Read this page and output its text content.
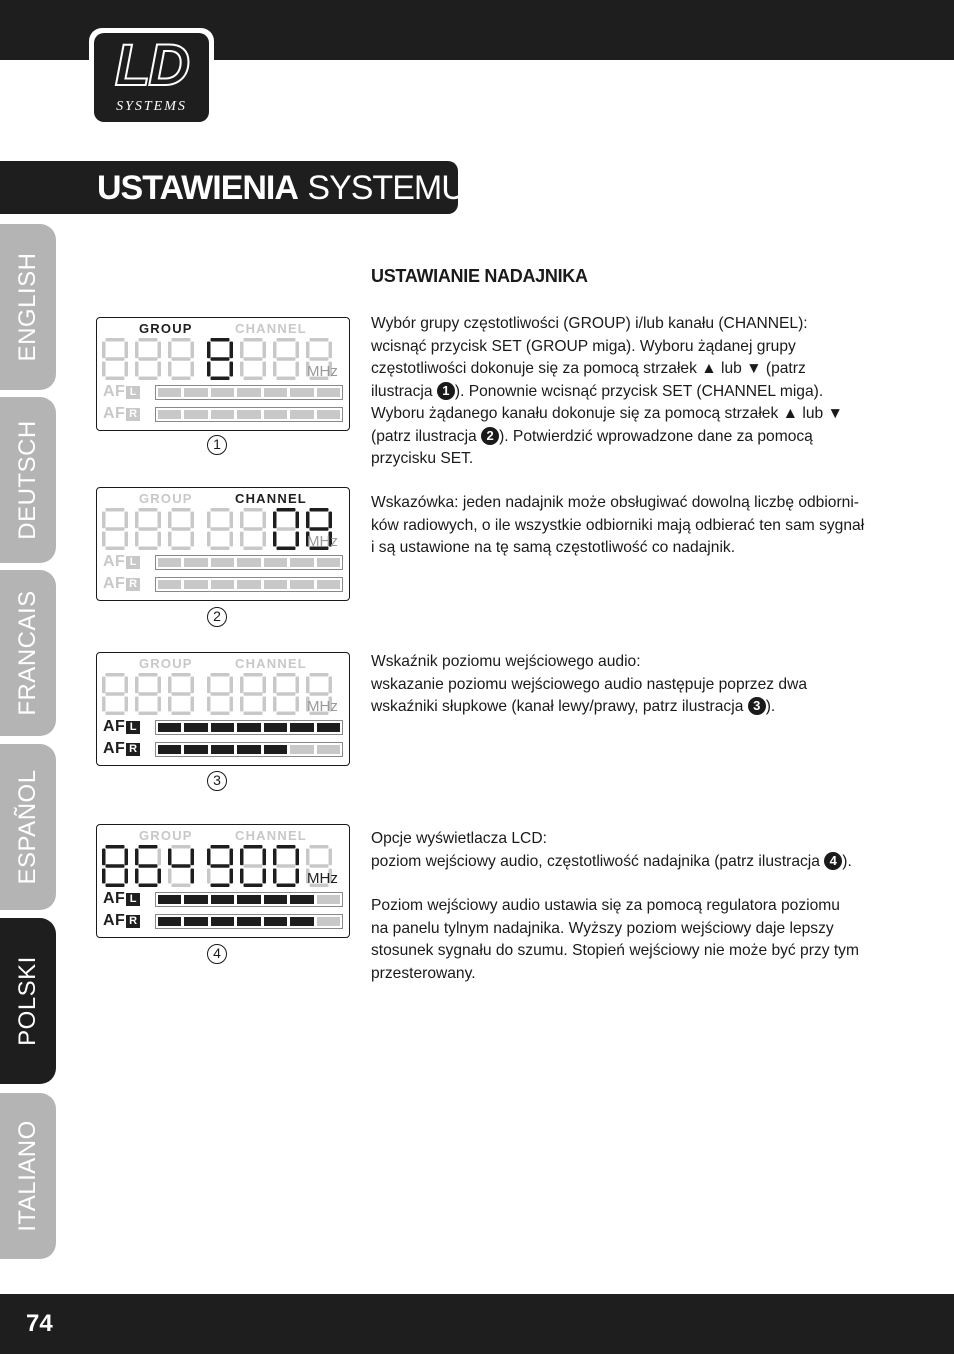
LD
SYSTEMS
USTAWIENIA SYSTEMU:
ENGLISH
DEUTSCH
FRANCAIS
ESPAÑOL
POLSKI
ITALIANO
USTAWIANIE NADAJNIKA

Wybór grupy częstotliwości (GROUP) i/lub kanału (CHANNEL):

wcisnąć przycisk SET (GROUP miga). Wyboru żądanej grupy

częstotliwości dokonuje się za pomocą strzałek ▲ lub ▼ (patrz

ilustracja 1 ). Ponownie wcisnąć przycisk SET (CHANNEL miga).

Wyboru żądanego kanału dokonuje się za pomocą strzałek ▲ lub ▼

(patrz ilustracja 2 ). Potwierdzić wprowadzone dane za pomocą

przycisku SET.

Wskazówka: jeden nadajnik może obsługiwać dowolną liczbę odbiorni-

ków radiowych, o ile wszystkie odbiorniki mają odbierać ten sam sygnał

i są ustawione na tę samą częstotliwość co nadajnik.

Wskaźnik poziomu wejściowego audio:

wskazanie poziomu wejściowego audio następuje poprzez dwa

wskaźniki słupkowe (kanał lewy/prawy, patrz ilustracja 3 ).

Opcje wyświetlacza LCD:

poziom wejściowy audio, częstotliwość nadajnika (patrz ilustracja 4 ).

Poziom wejściowy audio ustawia się za pomocą regulatora poziomu

na panelu tylnym nadajnika. Wyższy poziom wejściowy daje lepszy

stosunek sygnału do szumu. Stopień wejściowy nie może być przy tym

przesterowany.

GROUP	CHANNEL
MHz
AF L
AF R
1
GROUP	CHANNEL
MHz
AF L
AF R
2
GROUP	CHANNEL
MHz
AF L
AF R
3
GROUP	CHANNEL
MHz
AF L
AF R
4
74
